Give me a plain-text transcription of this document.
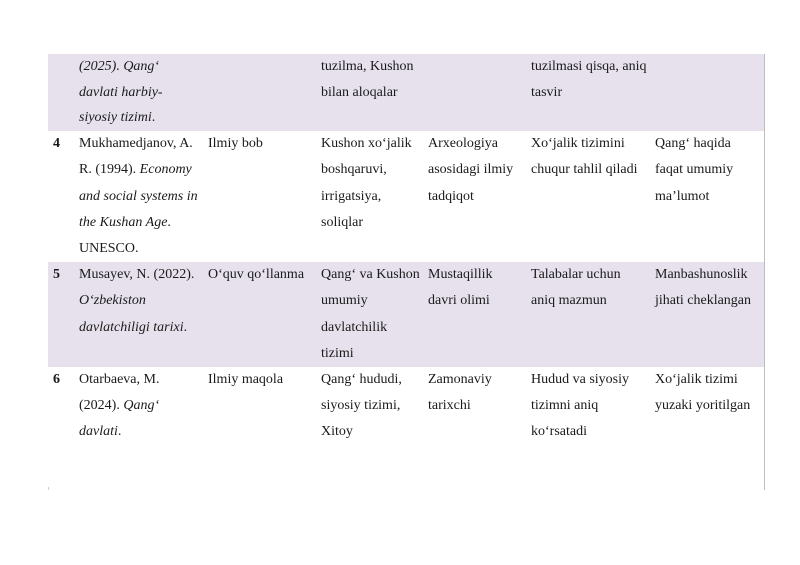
	(2025). Qang‘ davlati harbiy-siyosiy tizimi.		tuzilma, Kushon bilan aloqalar		tuzilmasi qisqa, aniq tasvir	
4	Mukhamedjanov, A. R. (1994). Economy and social systems in the Kushan Age. UNESCO.	Ilmiy bob	Kushon xo‘jalik boshqaruvi, irrigatsiya, soliqlar	Arxeologiya asosidagi ilmiy tadqiqot	Xo‘jalik tizimini chuqur tahlil qiladi	Qang‘ haqida faqat umumiy ma’lumot
5	Musayev, N. (2022). O‘zbekiston davlatchiligi tarixi.	O‘quv qo‘llanma	Qang‘ va Kushon umumiy davlatchilik tizimi	Mustaqillik davri olimi	Talabalar uchun aniq mazmun	Manbashunoslik jihati cheklangan
6	Otarbaeva, M. (2024). Qang‘ davlati.	Ilmiy maqola	Qang‘ hududi, siyosiy tizimi, Xitoy	Zamonaviy tarixchi	Hudud va siyosiy tizimni aniq ko‘rsatadi	Xo‘jalik tizimi yuzaki yoritilgan
